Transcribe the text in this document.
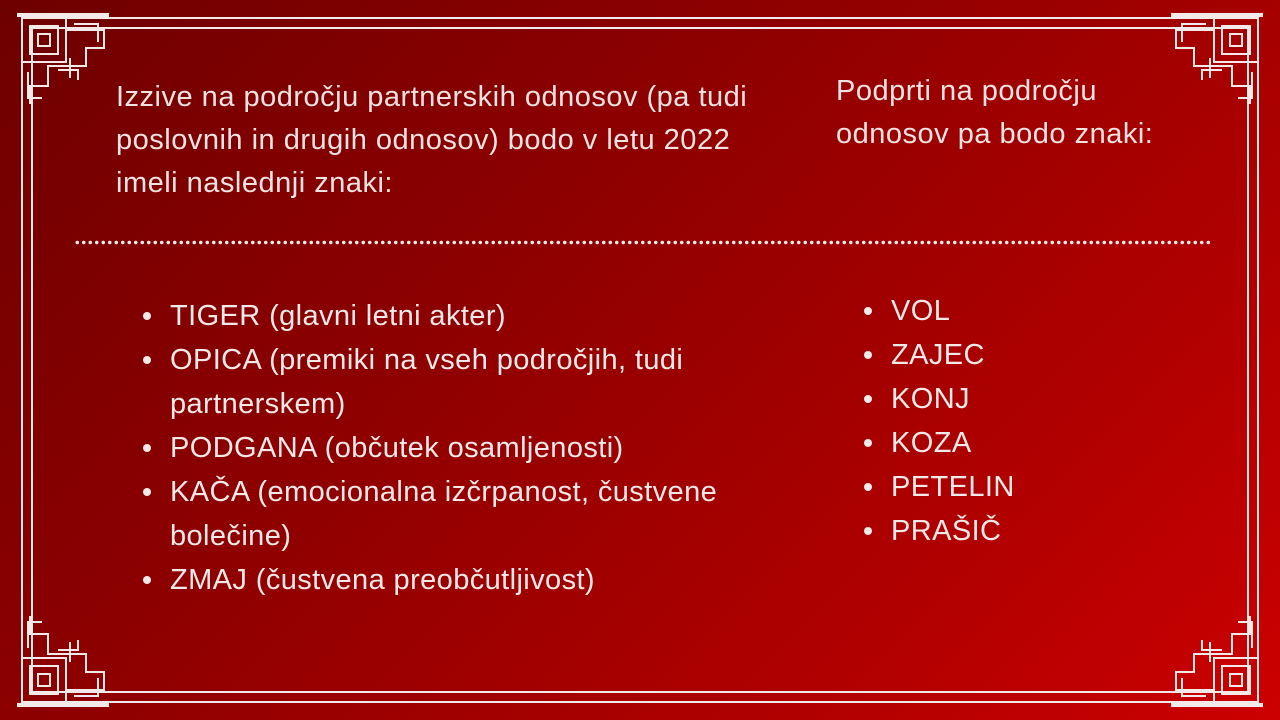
Izzive na področju partnerskih odnosov (pa tudi poslovnih in drugih odnosov) bodo v letu 2022 imeli naslednji znaki:

Podprti na področju odnosov pa bodo znaki:

TIGER (glavni letni akter)
OPICA (premiki na vseh področjih, tudi partnerskem)
PODGANA (občutek osamljenosti)
KAČA (emocionalna izčrpanost, čustvene bolečine)
ZMAJ (čustvena preobčutljivost)
VOL
ZAJEC
KONJ
KOZA
PETELIN
PRAŠIČ
